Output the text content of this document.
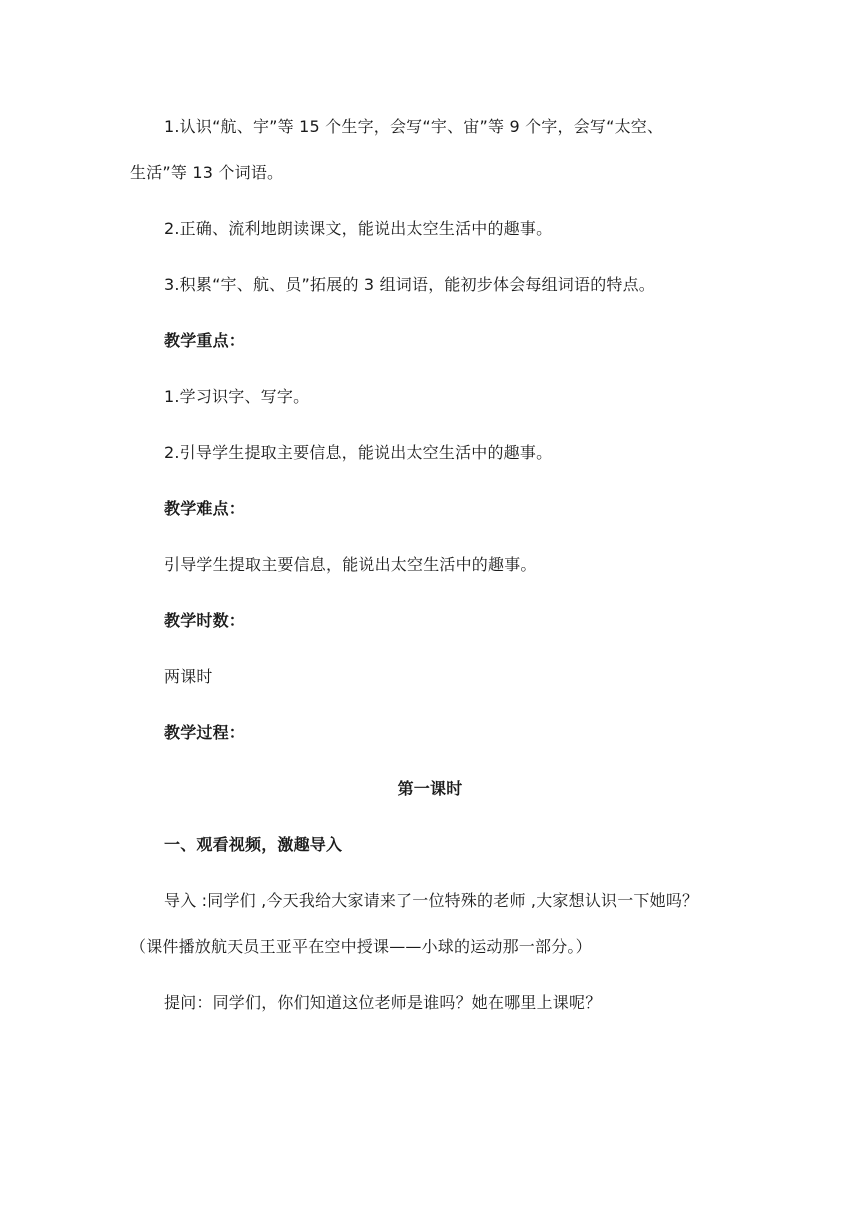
1.认识“航、宇”等 15 个生字，会写“宇、宙”等 9 个字，会写“太空、
生活”等 13 个词语。
2.正确、流利地朗读课文，能说出太空生活中的趣事。
3.积累“宇、航、员”拓展的 3 组词语，能初步体会每组词语的特点。
教学重点：
1.学习识字、写字。
2.引导学生提取主要信息，能说出太空生活中的趣事。
教学难点：
引导学生提取主要信息，能说出太空生活中的趣事。
教学时数：
两课时
教学过程：
第一课时
一、观看视频，激趣导入
导入 :同学们 ,今天我给大家请来了一位特殊的老师 ,大家想认识一下她吗？
（课件播放航天员王亚平在空中授课——小球的运动那一部分。）
提问：同学们，你们知道这位老师是谁吗？她在哪里上课呢？
